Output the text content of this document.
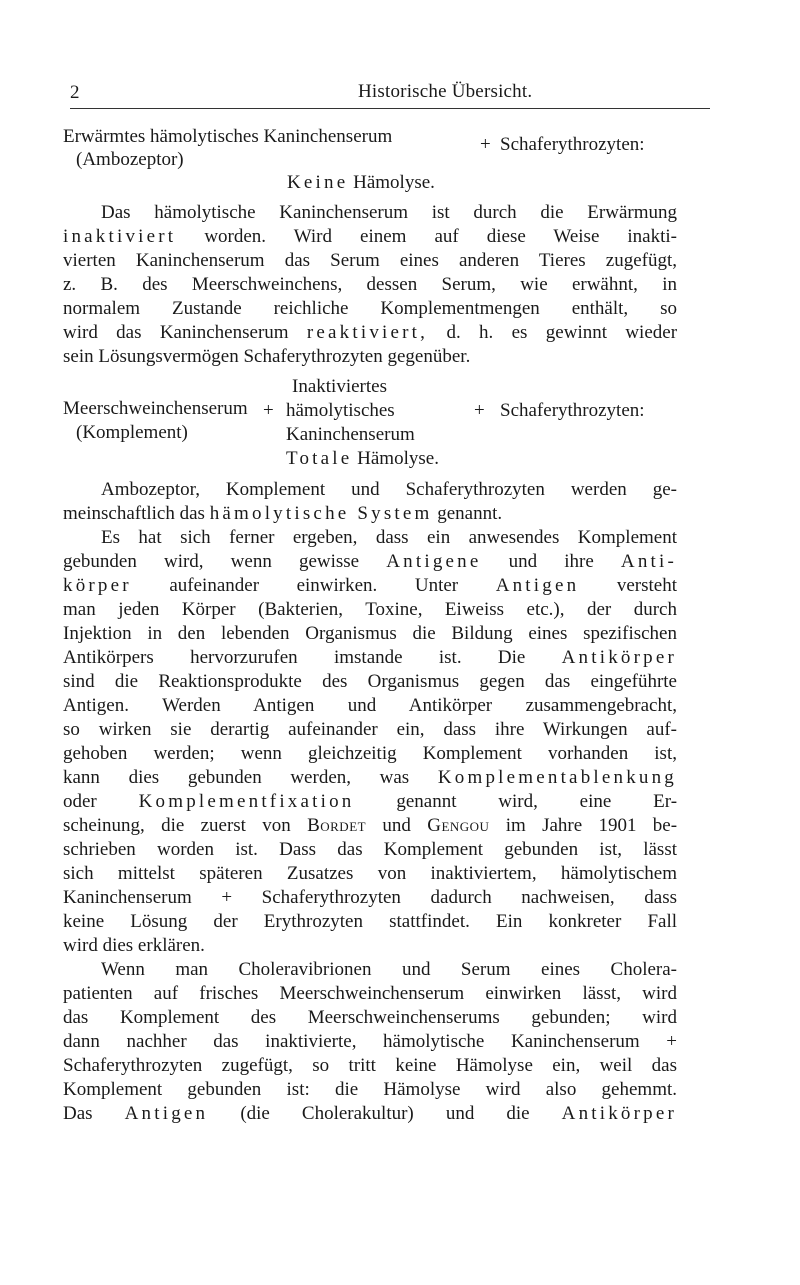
2	Historische Übersicht.
Erwärmtes hämolytisches Kaninchenserum
(Ambozeptor)
+ Schaferythrozyten:
Keine Hämolyse.
Das hämolytische Kaninchenserum ist durch die Erwärmung
inaktiviert worden. Wird einem auf diese Weise inakti-
vierten Kaninchenserum das Serum eines anderen Tieres zugefügt,
z. B. des Meerschweinchens, dessen Serum, wie erwähnt, in
normalem Zustande reichliche Komplementmengen enthält, so
wird das Kaninchenserum reaktiviert, d. h. es gewinnt wieder
sein Lösungsvermögen Schaferythrozyten gegenüber.
Inaktiviertes
Meerschweinchenserum + hämolytisches	+ Schaferythrozyten:
(Komplement)	Kaninchenserum
Totale Hämolyse.
Ambozeptor, Komplement und Schaferythrozyten werden ge-
meinschaftlich das hämolytische System genannt.
Es hat sich ferner ergeben, dass ein anwesendes Komplement
gebunden wird, wenn gewisse Antigene und ihre Anti-
körper aufeinander einwirken. Unter Antigen versteht
man jeden Körper (Bakterien, Toxine, Eiweiss etc.), der durch
Injektion in den lebenden Organismus die Bildung eines spezifischen
Antikörpers hervorzurufen imstande ist. Die Antikörper
sind die Reaktionsprodukte des Organismus gegen das eingeführte
Antigen. Werden Antigen und Antikörper zusammengebracht,
so wirken sie derartig aufeinander ein, dass ihre Wirkungen auf-
gehoben werden; wenn gleichzeitig Komplement vorhanden ist,
kann dies gebunden werden, was Komplementablenkung
oder Komplementfixation genannt wird, eine Er-
scheinung, die zuerst von Bordet und Gengou im Jahre 1901 be-
schrieben worden ist. Dass das Komplement gebunden ist, lässt
sich mittelst späteren Zusatzes von inaktiviertem, hämolytischem
Kaninchenserum + Schaferythrozyten dadurch nachweisen, dass
keine Lösung der Erythrozyten stattfindet. Ein konkreter Fall
wird dies erklären.
Wenn man Choleravibrionen und Serum eines Cholera-
patienten auf frisches Meerschweinchenserum einwirken lässt, wird
das Komplement des Meerschweinchenserums gebunden; wird
dann nachher das inaktivierte, hämolytische Kaninchenserum +
Schaferythrozyten zugefügt, so tritt keine Hämolyse ein, weil das
Komplement gebunden ist: die Hämolyse wird also gehemmt.
Das Antigen (die Cholerakultur) und die Antikörper
